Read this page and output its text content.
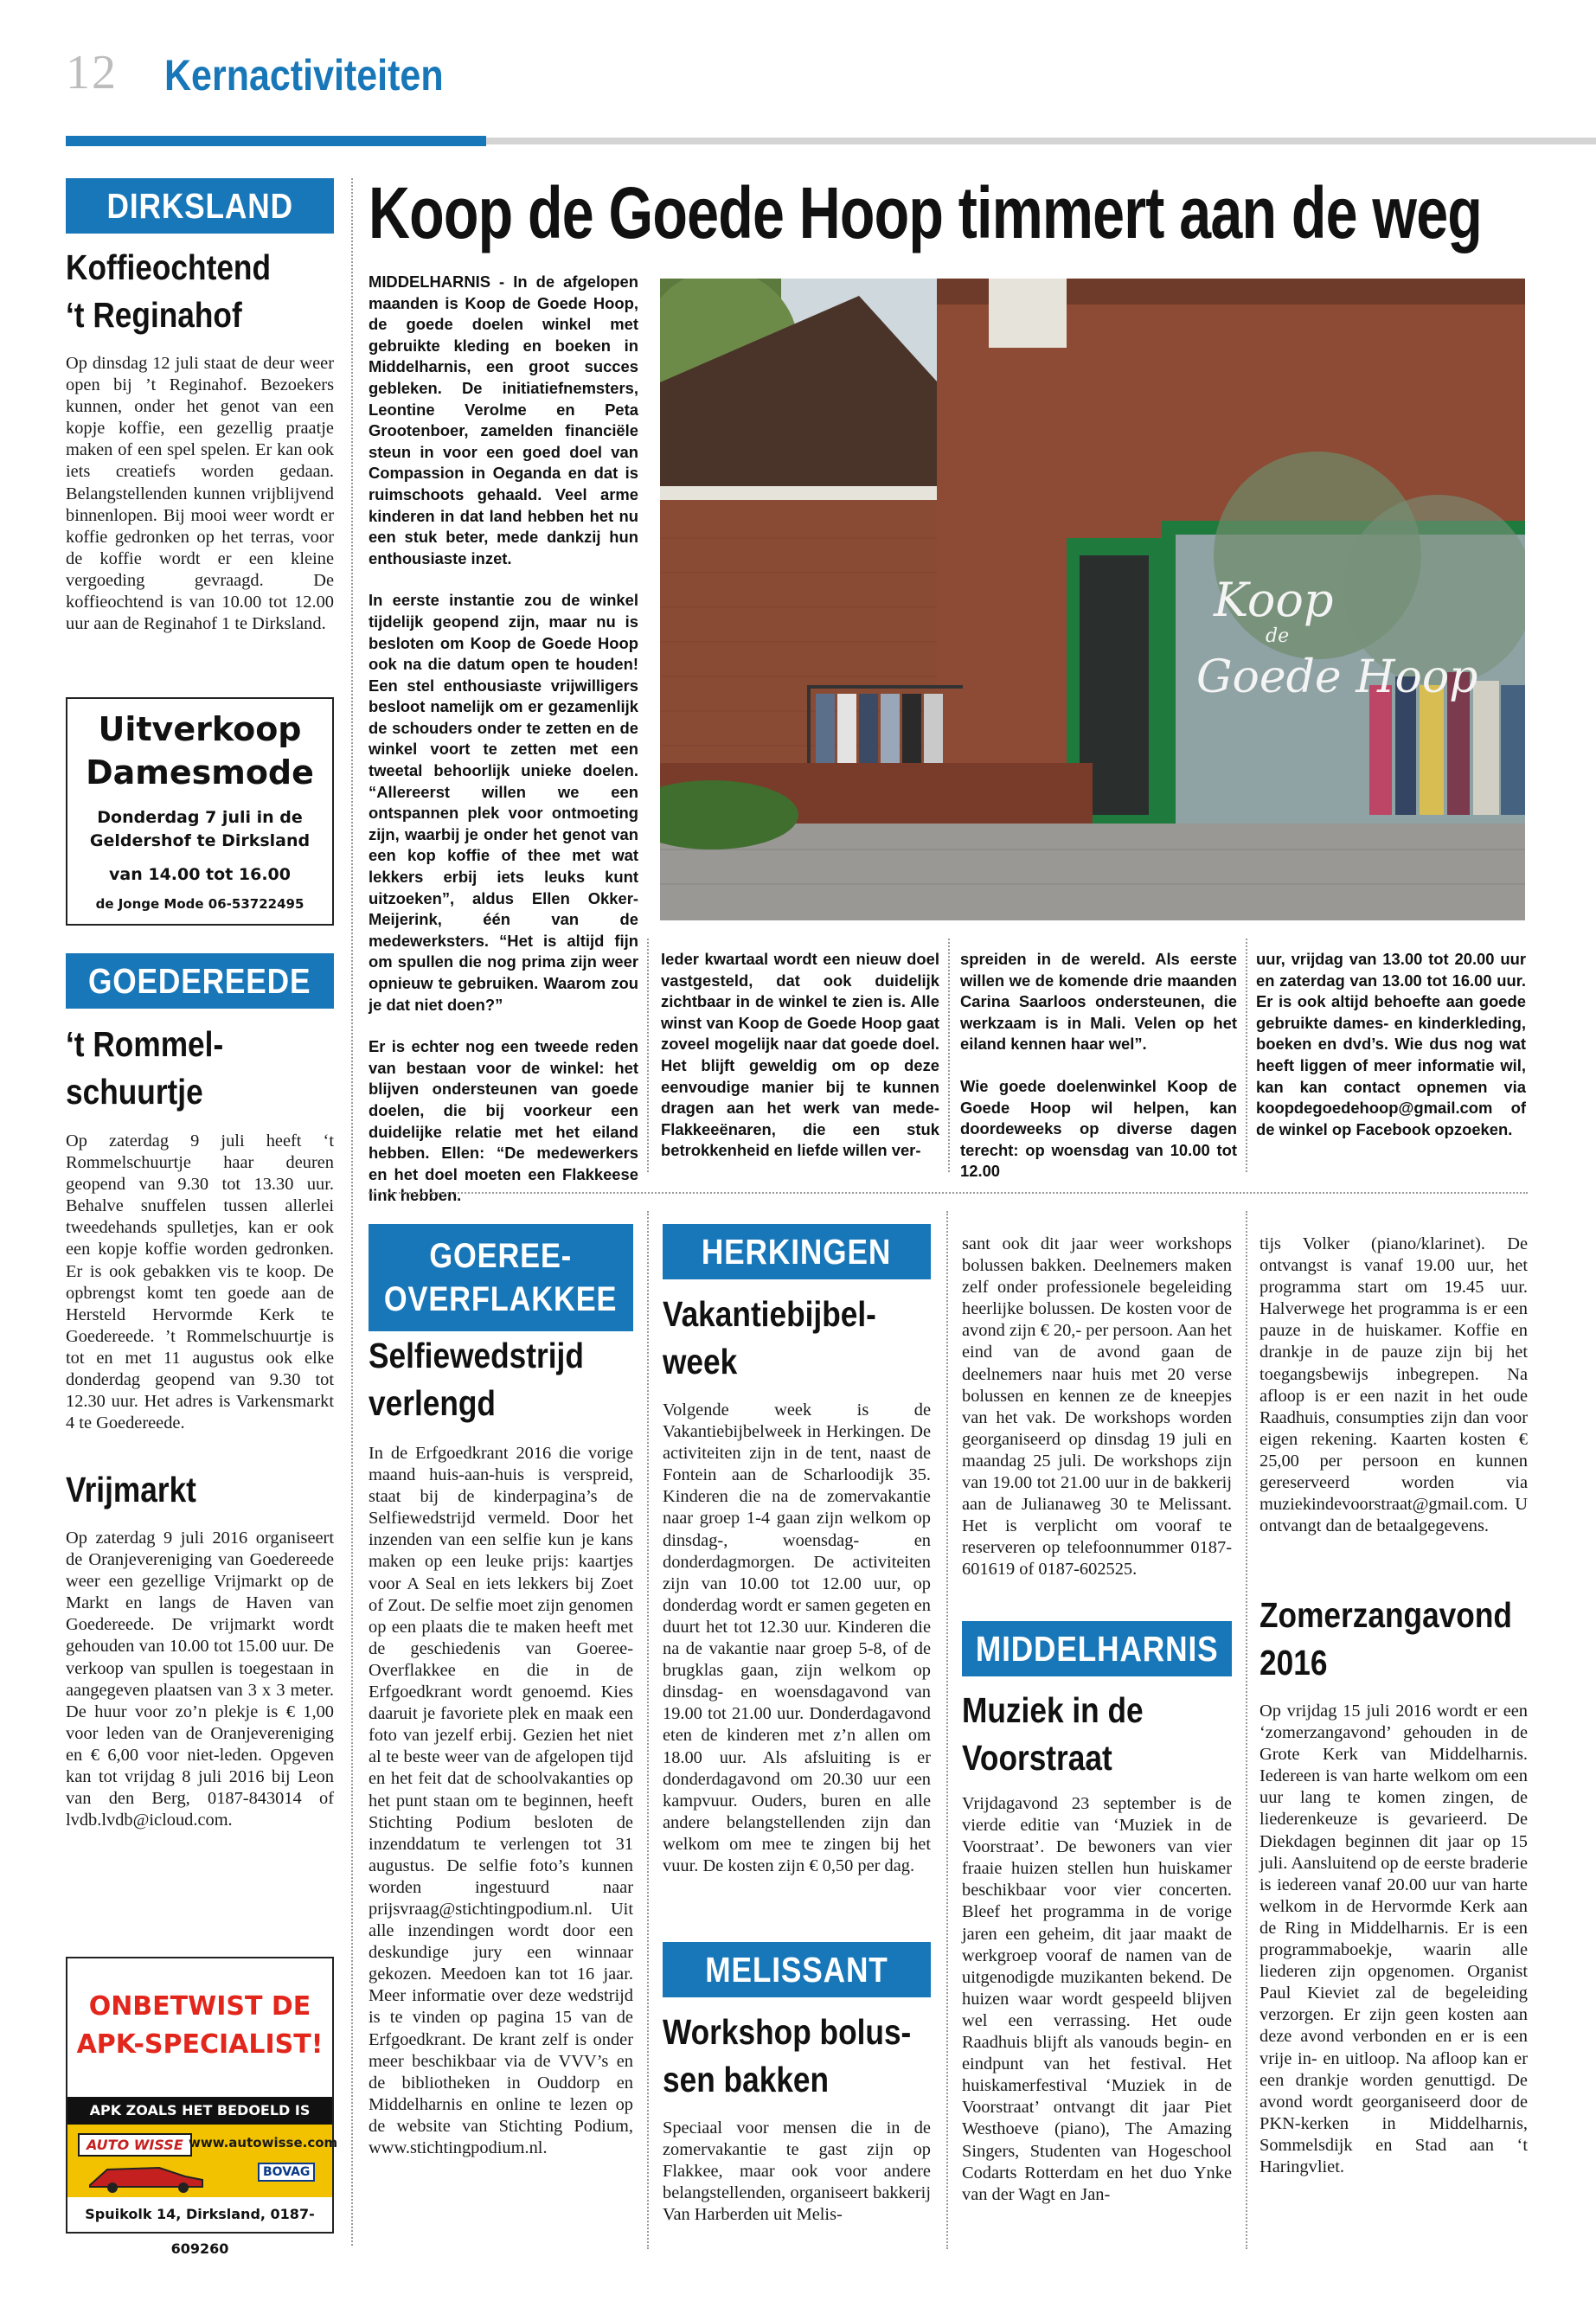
12 Kernactiviteiten
DIRKSLAND
Koffieochtend
‘t Reginahof

Op dinsdag 12 juli staat de deur weer open bij ’t Reginahof. Bezoekers kunnen, onder het genot van een kopje koffie, een gezellig praatje maken of een spel spelen. Er kan ook iets creatiefs worden gedaan. Belangstellenden kunnen vrijblijvend binnenlopen. Bij mooi weer wordt er koffie gedronken op het terras, voor de koffie wordt er een kleine vergoeding gevraagd. De koffieochtend is van 10.00 tot 12.00 uur aan de Reginahof 1 te Dirksland.

Uitverkoop
Damesmode
Donderdag 7 juli in de
Geldershof te Dirksland
van 14.00 tot 16.00
de Jonge Mode 06-53722495
GOEDEREEDE
‘t Rommel-
schuurtje

Op zaterdag 9 juli heeft ‘t Rommelschuurtje haar deuren geopend van 9.30 tot 13.30 uur. Behalve snuffelen tussen allerlei tweedehands spulletjes, kan er ook een kopje koffie worden gedronken. Er is ook gebakken vis te koop. De opbrengst komt ten goede aan de Hersteld Hervormde Kerk te Goedereede. ’t Rommelschuurtje is tot en met 11 augustus ook elke donderdag geopend van 9.30 tot 12.30 uur. Het adres is Varkensmarkt 4 te Goedereede.

Vrijmarkt

Op zaterdag 9 juli 2016 organiseert de Oranjevereniging van Goedereede weer een gezellige Vrijmarkt op de Markt en langs de Haven van Goedereede. De vrijmarkt wordt gehouden van 10.00 tot 15.00 uur. De verkoop van spullen is toegestaan in aangegeven plaatsen van 3 x 3 meter. De huur voor zo’n plekje is € 1,00 voor leden van de Oranjevereniging en € 6,00 voor niet-leden. Opgeven kan tot vrijdag 8 juli 2016 bij Leon van den Berg, 0187-843014 of lvdb.lvdb@icloud.com.

ONBETWIST DE
APK-SPECIALIST!
APK ZOALS HET BEDOELD IS
AUTO WISSE www.autowisse.com
BOVAG
Spuikolk 14, Dirksland, 0187-609260
Koop de Goede Hoop timmert aan de weg

MIDDELHARNIS - In de afgelopen maanden is Koop de Goede Hoop, de goede doelen winkel met gebruikte kleding en boeken in Middelharnis, een groot succes gebleken. De initiatiefnemsters, Leontine Verolme en Peta Grootenboer, zamelden financiële steun in voor een goed doel van Compassion in Oeganda en dat is ruimschoots gehaald. Veel arme kinderen in dat land hebben het nu een stuk beter, mede dankzij hun enthousiaste inzet.

In eerste instantie zou de winkel tijdelijk geopend zijn, maar nu is besloten om Koop de Goede Hoop ook na die datum open te houden! Een stel enthousiaste vrijwilligers besloot namelijk om er gezamenlijk de schouders onder te zetten en de winkel voort te zetten met een tweetal behoorlijk unieke doelen. “Allereerst willen we een ontspannen plek voor ontmoeting zijn, waarbij je onder het genot van een kop koffie of thee met wat lekkers erbij iets leuks kunt uitzoeken”, aldus Ellen Okker-Meijerink, één van de medewerksters. “Het is altijd fijn om spullen die nog prima zijn weer opnieuw te gebruiken. Waarom zou je dat niet doen?”

Er is echter nog een tweede reden van bestaan voor de winkel: het blijven ondersteunen van goede doelen, die bij voorkeur een duidelijke relatie met het eiland hebben. Ellen: “De medewerkers en het doel moeten een Flakkeese link hebben.

Koop
de
Goede Hoop

Ieder kwartaal wordt een nieuw doel vastgesteld, dat ook duidelijk zichtbaar in de winkel te zien is. Alle winst van Koop de Goede Hoop gaat zoveel mogelijk naar dat goede doel. Het blijft geweldig om op deze eenvoudige manier bij te kunnen dragen aan het werk van mede-Flakkeeënaren, die een stuk betrokkenheid en liefde willen ver-

spreiden in de wereld. Als eerste willen we de komende drie maanden Carina Saarloos ondersteunen, die werkzaam is in Mali. Velen op het eiland kennen haar wel”.

Wie goede doelenwinkel Koop de Goede Hoop wil helpen, kan doordeweeks op diverse dagen terecht: op woensdag van 10.00 tot 12.00

uur, vrijdag van 13.00 tot 20.00 uur en zaterdag van 13.00 tot 16.00 uur. Er is ook altijd behoefte aan goede gebruikte dames- en kinderkleding, boeken en dvd’s. Wie dus nog wat heeft liggen of meer informatie wil, kan kan contact opnemen via koopdegoedehoop@gmail.com of de winkel op Facebook opzoeken.

GOEREE-
OVERFLAKKEE
Selfiewedstrijd
verlengd

In de Erfgoedkrant 2016 die vorige maand huis-aan-huis is verspreid, staat bij de kinderpagina’s de Selfiewedstrijd vermeld. Door het inzenden van een selfie kun je kans maken op een leuke prijs: kaartjes voor A Seal en iets lekkers bij Zoet of Zout. De selfie moet zijn genomen op een plaats die te maken heeft met de geschiedenis van Goeree-Overflakkee en die in de Erfgoedkrant wordt genoemd. Kies daaruit je favoriete plek en maak een foto van jezelf erbij. Gezien het niet al te beste weer van de afgelopen tijd en het feit dat de schoolvakanties op het punt staan om te beginnen, heeft Stichting Podium besloten de inzenddatum te verlengen tot 31 augustus. De selfie foto’s kunnen worden ingestuurd naar prijsvraag@stichtingpodium.nl. Uit alle inzendingen wordt door een deskundige jury een winnaar gekozen. Meedoen kan tot 16 jaar. Meer informatie over deze wedstrijd is te vinden op pagina 15 van de Erfgoedkrant. De krant zelf is onder meer beschikbaar via de VVV’s en de bibliotheken in Ouddorp en Middelharnis en online te lezen op de website van Stichting Podium, www.stichtingpodium.nl.

HERKINGEN
Vakantiebijbel-
week

Volgende week is de Vakantiebijbelweek in Herkingen. De activiteiten zijn in de tent, naast de Fontein aan de Scharloodijk 35. Kinderen die na de zomervakantie naar groep 1-4 gaan zijn welkom op dinsdag-, woensdag- en donderdagmorgen. De activiteiten zijn van 10.00 tot 12.00 uur, op donderdag wordt er samen gegeten en duurt het tot 12.30 uur. Kinderen die na de vakantie naar groep 5-8, of de brugklas gaan, zijn welkom op dinsdag- en woensdagavond van 19.00 tot 21.00 uur. Donderdagavond eten de kinderen met z’n allen om 18.00 uur. Als afsluiting is er donderdagavond om 20.30 uur een kampvuur. Ouders, buren en alle andere belangstellenden zijn dan welkom om mee te zingen bij het vuur. De kosten zijn € 0,50 per dag.

MELISSANT
Workshop bolus-
sen bakken

Speciaal voor mensen die in de zomervakantie te gast zijn op Flakkee, maar ook voor andere belangstellenden, organiseert bakkerij Van Harberden uit Melis-

sant ook dit jaar weer workshops bolussen bakken. Deelnemers maken zelf onder professionele begeleiding heerlijke bolussen. De kosten voor de avond zijn € 20,- per persoon. Aan het eind van de avond gaan de deelnemers naar huis met 20 verse bolussen en kennen ze de kneepjes van het vak. De workshops worden georganiseerd op dinsdag 19 juli en maandag 25 juli. De workshops zijn van 19.00 tot 21.00 uur in de bakkerij aan de Julianaweg 30 te Melissant. Het is verplicht om vooraf te reserveren op telefoonnummer 0187-601619 of 0187-602525.

MIDDELHARNIS
Muziek in de
Voorstraat

Vrijdagavond 23 september is de vierde editie van ‘Muziek in de Voorstraat’. De bewoners van vier fraaie huizen stellen hun huiskamer beschikbaar voor vier concerten. Bleef het programma in de vorige jaren een geheim, dit jaar maakt de werkgroep vooraf de namen van de uitgenodigde muzikanten bekend. De huizen waar wordt gespeeld blijven wel een verrassing. Het oude Raadhuis blijft als vanouds begin- en eindpunt van het festival. Het huiskamerfestival ‘Muziek in de Voorstraat’ ontvangt dit jaar Piet Westhoeve (piano), The Amazing Singers, Studenten van Hogeschool Codarts Rotterdam en het duo Ynke van der Wagt en Jan-

tijs Volker (piano/klarinet). De ontvangst is vanaf 19.00 uur, het programma start om 19.45 uur. Halverwege het programma is er een pauze in de huiskamer. Koffie en drankje in de pauze zijn bij het toegangsbewijs inbegrepen. Na afloop is er een nazit in het oude Raadhuis, consumpties zijn dan voor eigen rekening. Kaarten kosten € 25,00 per persoon en kunnen gereserveerd worden via muziekindevoorstraat@gmail.com. U ontvangt dan de betaalgegevens.

Zomerzangavond
2016

Op vrijdag 15 juli 2016 wordt er een ‘zomerzangavond’ gehouden in de Grote Kerk van Middelharnis. Iedereen is van harte welkom om een uur lang te komen zingen, de liederenkeuze is gevarieerd. De Diekdagen beginnen dit jaar op 15 juli. Aansluitend op de eerste braderie is iedereen vanaf 20.00 uur van harte welkom in de Hervormde Kerk aan de Ring in Middelharnis. Er is een programmaboekje, waarin alle liederen zijn opgenomen. Organist Paul Kieviet zal de begeleiding verzorgen. Er zijn geen kosten aan deze avond verbonden en er is een vrije in- en uitloop. Na afloop kan er een drankje worden genuttigd. De avond wordt georganiseerd door de PKN-kerken in Middelharnis, Sommelsdijk en Stad aan ‘t Haringvliet.
